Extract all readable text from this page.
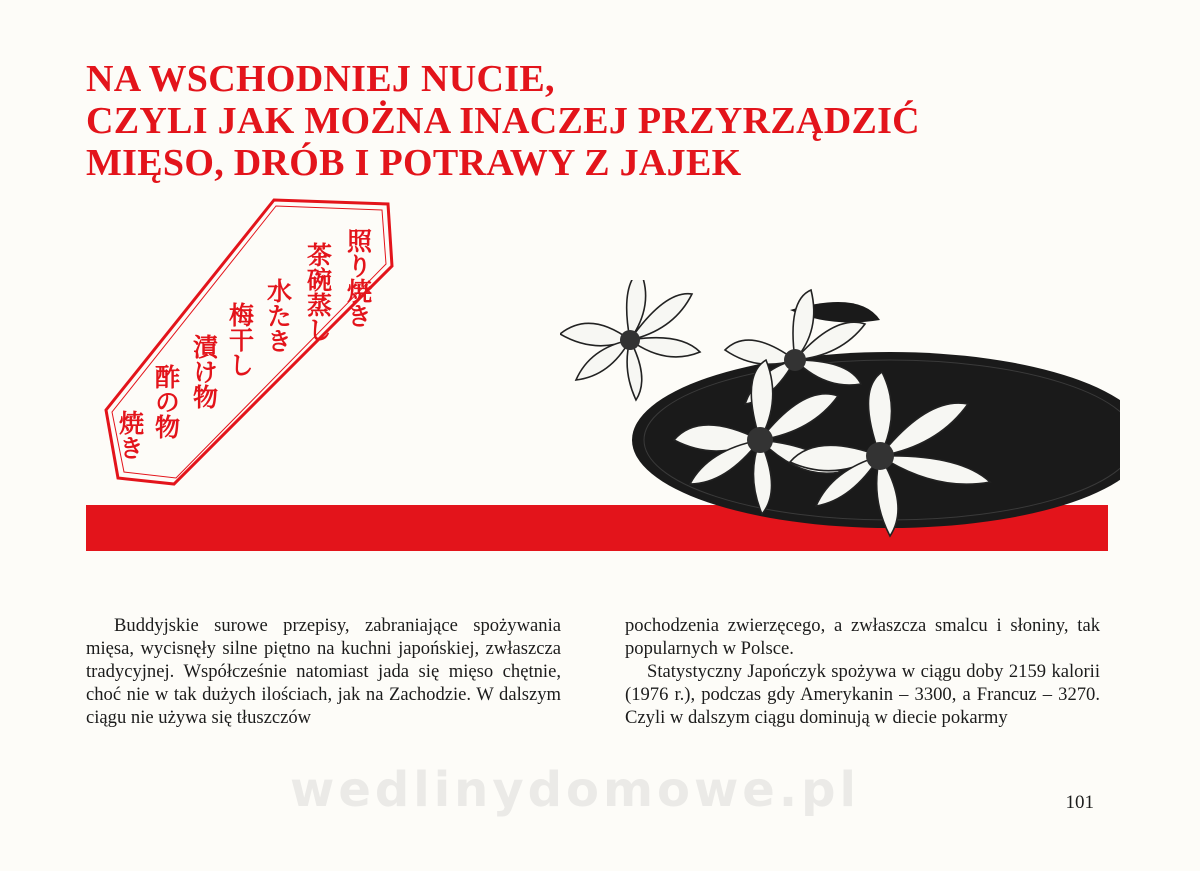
NA WSCHODNIEJ NUCIE,
CZYLI JAK MOŻNA INACZEJ PRZYRZĄDZIĆ
MIĘSO, DRÓB I POTRAWY Z JAJEK
照り焼き
茶碗蒸し
水たき
梅干し
漬け物
酢の物
焼き

Buddyjskie surowe przepisy, zabraniające spożywania mięsa, wycisnęły silne piętno na kuchni japońskiej, zwłaszcza tradycyjnej. Współcześnie natomiast jada się mięso chętnie, choć nie w tak dużych ilościach, jak na Zachodzie. W dalszym ciągu nie używa się tłuszczów

pochodzenia zwierzęcego, a zwłaszcza smalcu i słoniny, tak popularnych w Polsce.

Statystyczny Japończyk spożywa w ciągu doby 2159 kalorii (1976 r.), podczas gdy Amerykanin – 3300, a Francuz – 3270. Czyli w dalszym ciągu dominują w diecie pokarmy

wedlinydomowe.pl	101
